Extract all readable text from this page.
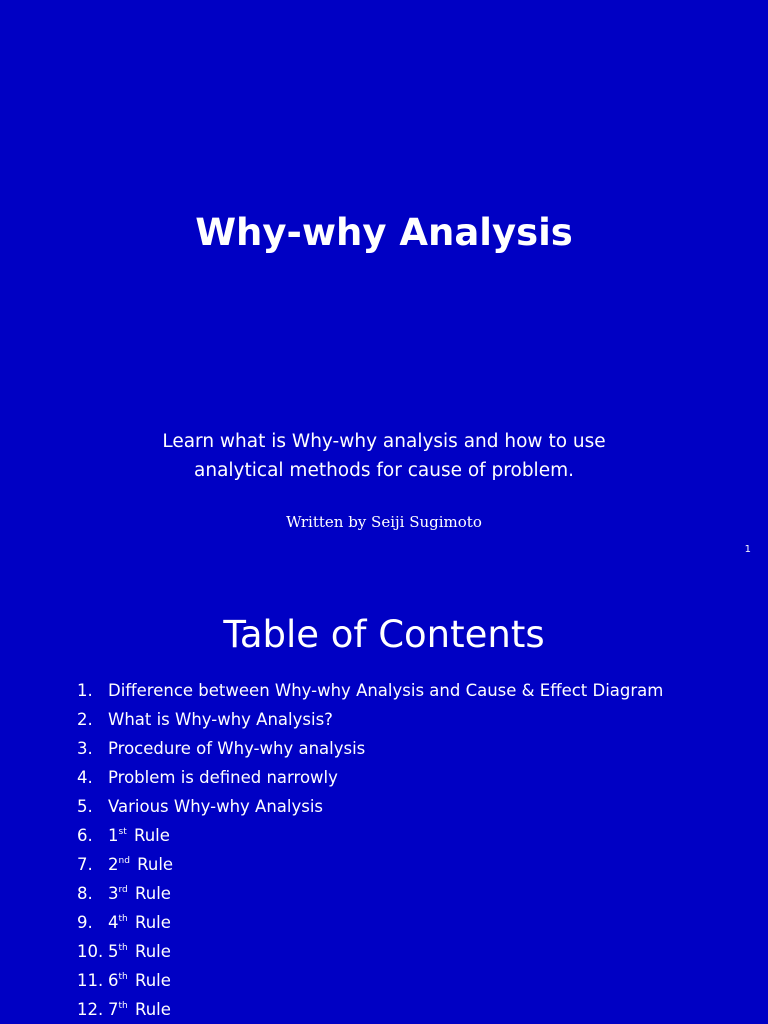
Why-why Analysis
Learn what is Why-why analysis and how to use
analytical methods for cause of problem.
Written by Seiji Sugimoto
1
Table of Contents
1. Difference between Why-why Analysis and Cause & Effect Diagram
2. What is Why-why Analysis?
3. Procedure of Why-why analysis
4. Problem is defined narrowly
5. Various Why-why Analysis
6. 1st Rule
7. 2nd Rule
8. 3rd Rule
9. 4th Rule
10. 5th Rule
11. 6th Rule
12. 7th Rule
